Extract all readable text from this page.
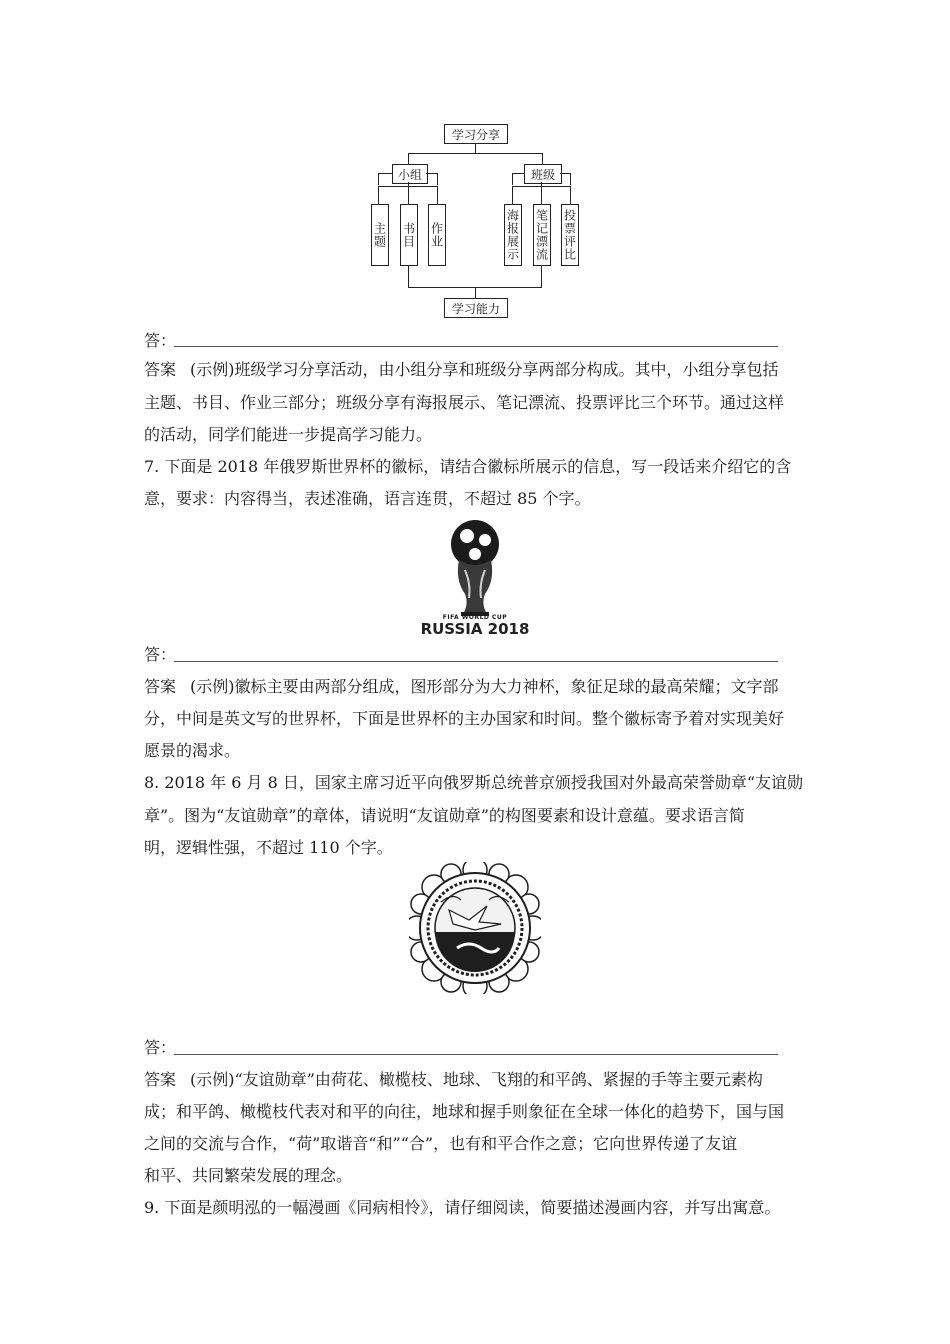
学习分享
小组	班级
主题 书目 作业	海报展示 笔记漂流 投票评比
学习能力
答：
答案 (示例)班级学习分享活动，由小组分享和班级分享两部分构成。其中，小组分享包括
主题、书目、作业三部分；班级分享有海报展示、笔记漂流、投票评比三个环节。通过这样
的活动，同学们能进一步提高学习能力。
7. 下面是 2018 年俄罗斯世界杯的徽标，请结合徽标所展示的信息，写一段话来介绍它的含
意，要求：内容得当，表述准确，语言连贯，不超过 85 个字。
FIFA WORLD CUP
RUSSIA 2018
答：
答案 (示例)徽标主要由两部分组成，图形部分为大力神杯，象征足球的最高荣耀；文字部
分，中间是英文写的世界杯，下面是世界杯的主办国家和时间。整个徽标寄予着对实现美好
愿景的渴求。
8. 2018 年 6 月 8 日，国家主席习近平向俄罗斯总统普京颁授我国对外最高荣誉勋章“友谊勋
章”。图为“友谊勋章”的章体，请说明“友谊勋章”的构图要素和设计意蕴。要求语言简
明，逻辑性强，不超过 110 个字。
答：
答案 (示例)“友谊勋章”由荷花、橄榄枝、地球、飞翔的和平鸽、紧握的手等主要元素构
成；和平鸽、橄榄枝代表对和平的向往，地球和握手则象征在全球一体化的趋势下，国与国
之间的交流与合作，“荷”取谐音“和”“合”，也有和平合作之意；它向世界传递了友谊
和平、共同繁荣发展的理念。
9. 下面是颜明泓的一幅漫画《同病相怜》，请仔细阅读，简要描述漫画内容，并写出寓意。
